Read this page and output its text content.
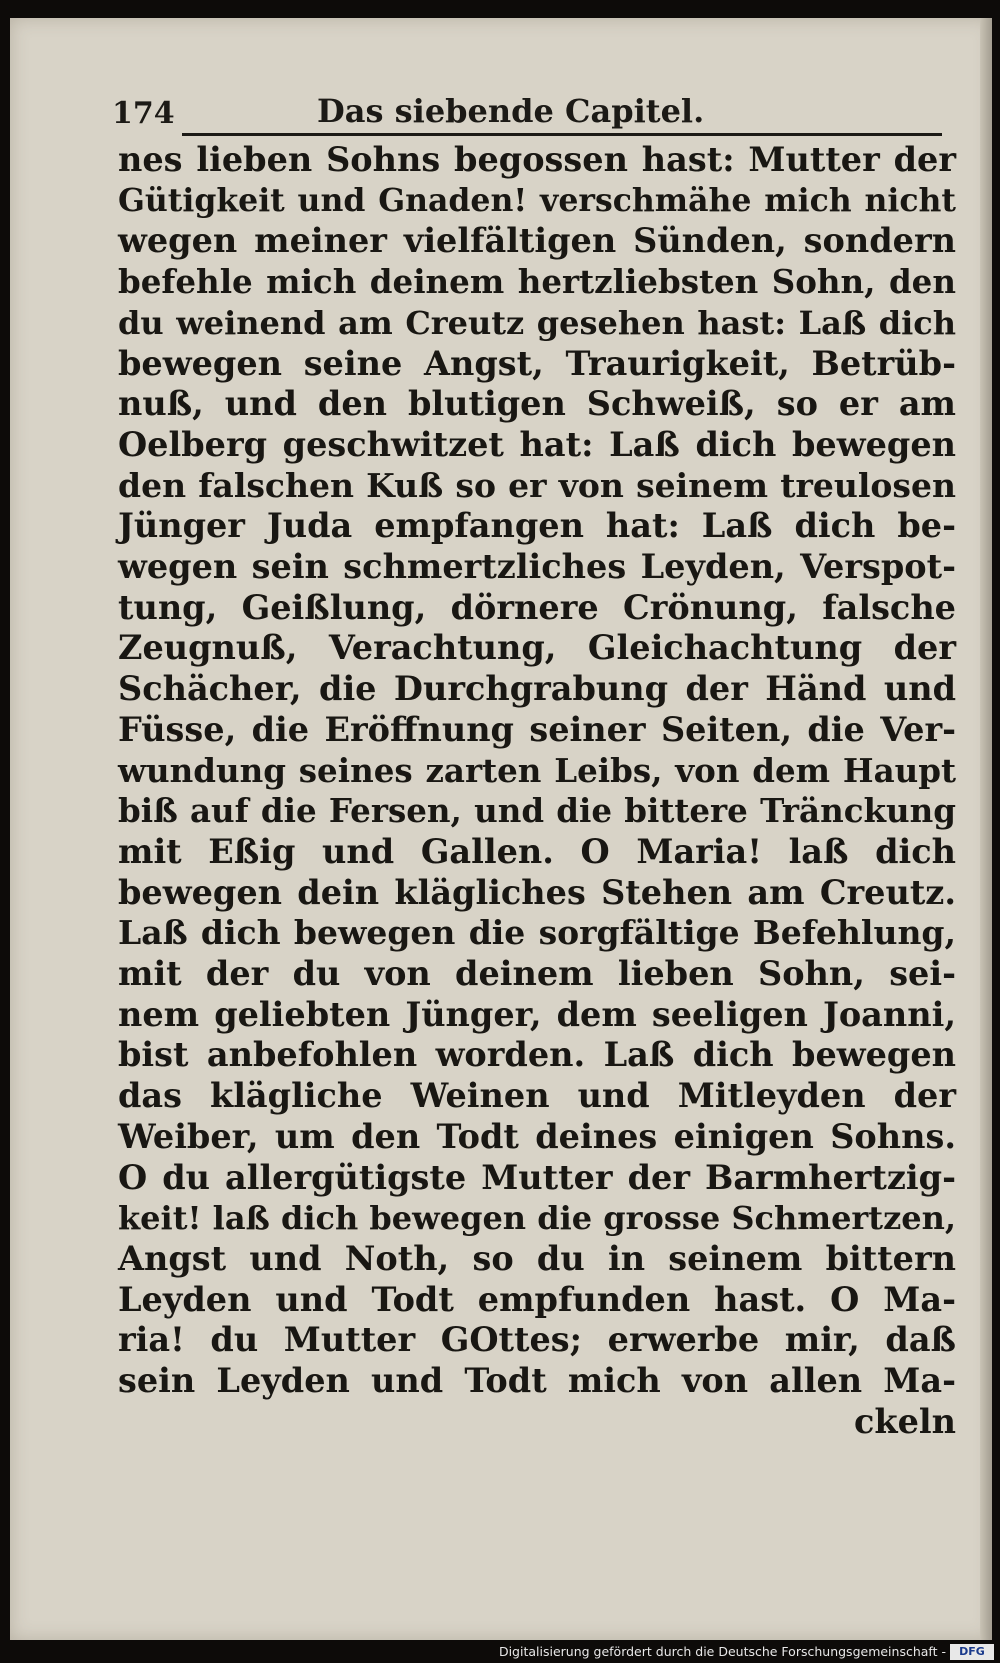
174	Das siebende Capitel.
nes lieben Sohns begossen hast: Mutter der
Gütigkeit und Gnaden! verschmähe mich nicht
wegen meiner vielfältigen Sünden, sondern
befehle mich deinem hertzliebsten Sohn, den
du weinend am Creutz gesehen hast: Laß dich
bewegen seine Angst, Traurigkeit, Betrüb-
nuß, und den blutigen Schweiß, so er am
Oelberg geschwitzet hat: Laß dich bewegen
den falschen Kuß so er von seinem treulosen
Jünger Juda empfangen hat: Laß dich be-
wegen sein schmertzliches Leyden, Verspot-
tung, Geißlung, dörnere Crönung, falsche
Zeugnuß, Verachtung, Gleichachtung der
Schächer, die Durchgrabung der Händ und
Füsse, die Eröffnung seiner Seiten, die Ver-
wundung seines zarten Leibs, von dem Haupt
biß auf die Fersen, und die bittere Tränckung
mit Eßig und Gallen. O Maria! laß dich
bewegen dein klägliches Stehen am Creutz.
Laß dich bewegen die sorgfältige Befehlung,
mit der du von deinem lieben Sohn, sei-
nem geliebten Jünger, dem seeligen Joanni,
bist anbefohlen worden. Laß dich bewegen
das klägliche Weinen und Mitleyden der
Weiber, um den Todt deines einigen Sohns.
O du allergütigste Mutter der Barmhertzig-
keit! laß dich bewegen die grosse Schmertzen,
Angst und Noth, so du in seinem bittern
Leyden und Todt empfunden hast. O Ma-
ria! du Mutter GOttes; erwerbe mir, daß
sein Leyden und Todt mich von allen Ma-
ckeln
Digitalisierung gefördert durch die Deutsche Forschungsgemeinschaft -	DFG
